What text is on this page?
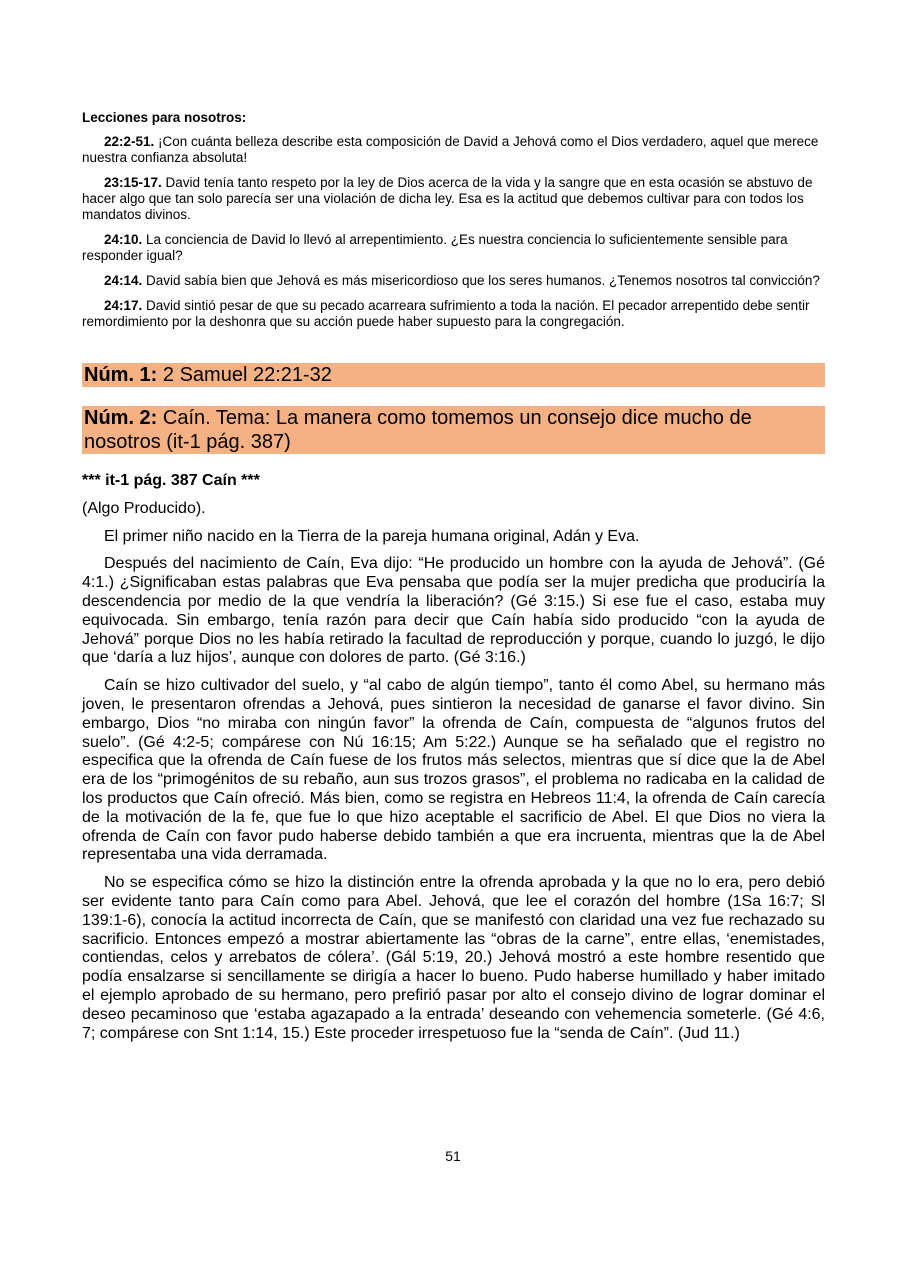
Lecciones para nosotros:

22:2-51. ¡Con cuánta belleza describe esta composición de David a Jehová como el Dios verdadero, aquel que merece nuestra confianza absoluta!

23:15-17. David tenía tanto respeto por la ley de Dios acerca de la vida y la sangre que en esta ocasión se abstuvo de hacer algo que tan solo parecía ser una violación de dicha ley. Esa es la actitud que debemos cultivar para con todos los mandatos divinos.

24:10. La conciencia de David lo llevó al arrepentimiento. ¿Es nuestra conciencia lo suficientemente sensible para responder igual?

24:14. David sabía bien que Jehová es más misericordioso que los seres humanos. ¿Tenemos nosotros tal convicción?

24:17. David sintió pesar de que su pecado acarreara sufrimiento a toda la nación. El pecador arrepentido debe sentir remordimiento por la deshonra que su acción puede haber supuesto para la congregación.

Núm. 1: 2 Samuel 22:21-32

Núm. 2: Caín. Tema: La manera como tomemos un consejo dice mucho de nosotros (it-1 pág. 387)

*** it-1 pág. 387 Caín ***

(Algo Producido).

El primer niño nacido en la Tierra de la pareja humana original, Adán y Eva.

Después del nacimiento de Caín, Eva dijo: “He producido un hombre con la ayuda de Jehová”. (Gé 4:1.) ¿Significaban estas palabras que Eva pensaba que podía ser la mujer predicha que produciría la descendencia por medio de la que vendría la liberación? (Gé 3:15.) Si ese fue el caso, estaba muy equivocada. Sin embargo, tenía razón para decir que Caín había sido producido “con la ayuda de Jehová” porque Dios no les había retirado la facultad de reproducción y porque, cuando lo juzgó, le dijo que ‘daría a luz hijos’, aunque con dolores de parto. (Gé 3:16.)

Caín se hizo cultivador del suelo, y “al cabo de algún tiempo”, tanto él como Abel, su hermano más joven, le presentaron ofrendas a Jehová, pues sintieron la necesidad de ganarse el favor divino. Sin embargo, Dios “no miraba con ningún favor” la ofrenda de Caín, compuesta de “algunos frutos del suelo”. (Gé 4:2-5; compárese con Nú 16:15; Am 5:22.) Aunque se ha señalado que el registro no especifica que la ofrenda de Caín fuese de los frutos más selectos, mientras que sí dice que la de Abel era de los “primogénitos de su rebaño, aun sus trozos grasos”, el problema no radicaba en la calidad de los productos que Caín ofreció. Más bien, como se registra en Hebreos 11:4, la ofrenda de Caín carecía de la motivación de la fe, que fue lo que hizo aceptable el sacrificio de Abel. El que Dios no viera la ofrenda de Caín con favor pudo haberse debido también a que era incruenta, mientras que la de Abel representaba una vida derramada.

No se especifica cómo se hizo la distinción entre la ofrenda aprobada y la que no lo era, pero debió ser evidente tanto para Caín como para Abel. Jehová, que lee el corazón del hombre (1Sa 16:7; Sl 139:1-6), conocía la actitud incorrecta de Caín, que se manifestó con claridad una vez fue rechazado su sacrificio. Entonces empezó a mostrar abiertamente las “obras de la carne”, entre ellas, ‘enemistades, contiendas, celos y arrebatos de cólera’. (Gál 5:19, 20.) Jehová mostró a este hombre resentido que podía ensalzarse si sencillamente se dirigía a hacer lo bueno. Pudo haberse humillado y haber imitado el ejemplo aprobado de su hermano, pero prefirió pasar por alto el consejo divino de lograr dominar el deseo pecaminoso que ‘estaba agazapado a la entrada’ deseando con vehemencia someterle. (Gé 4:6, 7; compárese con Snt 1:14, 15.) Este proceder irrespetuoso fue la “senda de Caín”. (Jud 11.)

51
